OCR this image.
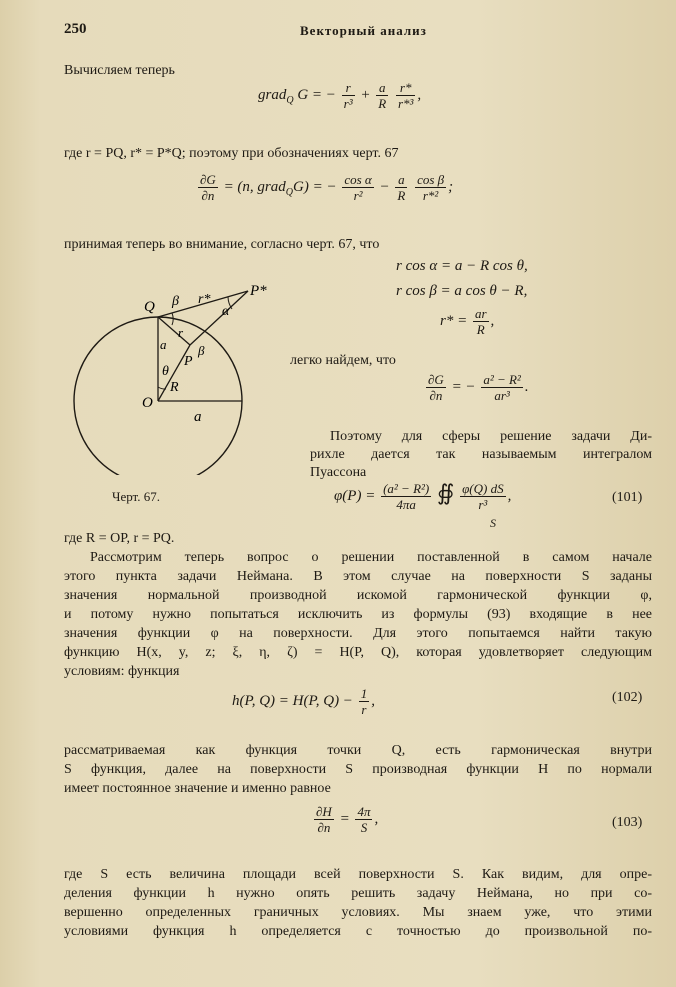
250	Векторный анализ
Вычисляем теперь
grad$_Q$ G = − $\frac{r}{\text{r³}} + \frac{a}{R}$
$\frac{r*}{\text{r*³}}$ ,
где r = PQ, r* = P*Q; поэтому при обозначениях черт. 67
$\frac{\partial G}{\partial n} = (n$, grad$_Q$G) = − $\frac{\text{cos α}}{\text{r²}} - \frac{a}{R}$
$\frac{\text{cos β}}{\text{r*²}}$ ;
принимая теперь во внимание, согласно черт. 67, что
r cos α = a − R cos θ,
r cos β = a cos θ − R,
$r* = \frac{ar}{R}$ ,
Q β r*
P*
α
r
a β
θ
P
R
O
a
легко найдем, что
$\frac{\partial G}{\partial n}$ = − $\frac{\text{a² − R²}}{\text{ar³}}$ .
Поэтому для сферы решение задачи Ди-
рихле дается так называемым интегралом
Пуассона
Черт. 67.	$\varphi(P) = \frac{\text{(a² − R²)}}{4\pi a}$ ∯ $\frac{\varphi(Q) dS}{\text{r³}}$ ,
S
(101)
где R = OP, r = PQ.
Рассмотрим теперь вопрос о решении поставленной в самом начале
этого пункта задачи Неймана. В этом случае на поверхности S заданы
значения нормальной производной искомой гармонической функции φ,
и потому нужно попытаться исключить из формулы (93) входящие в нее
значения функции φ на поверхности. Для этого попытаемся найти такую
функцию H(x, y, z; ξ, η, ζ) = H(P, Q), которая удовлетворяет следующим
условиям: функция
h(P, Q) = H(P, $Q) - \frac{1}{r}$ ,	(102)
рассматриваемая как функция точки Q, есть гармоническая внутри
S функция, далее на поверхности S производная функции H по нормали
имеет постоянное значение и именно равное
$\frac{\partial H}{\partial n} = \frac{4\pi}{S}$ ,	(103)
где S есть величина площади всей поверхности S. Как видим, для опре-
деления функции h нужно опять решить задачу Неймана, но при со-
вершенно определенных граничных условиях. Мы знаем уже, что этими
условиями функция h определяется с точностью до произвольной по-
